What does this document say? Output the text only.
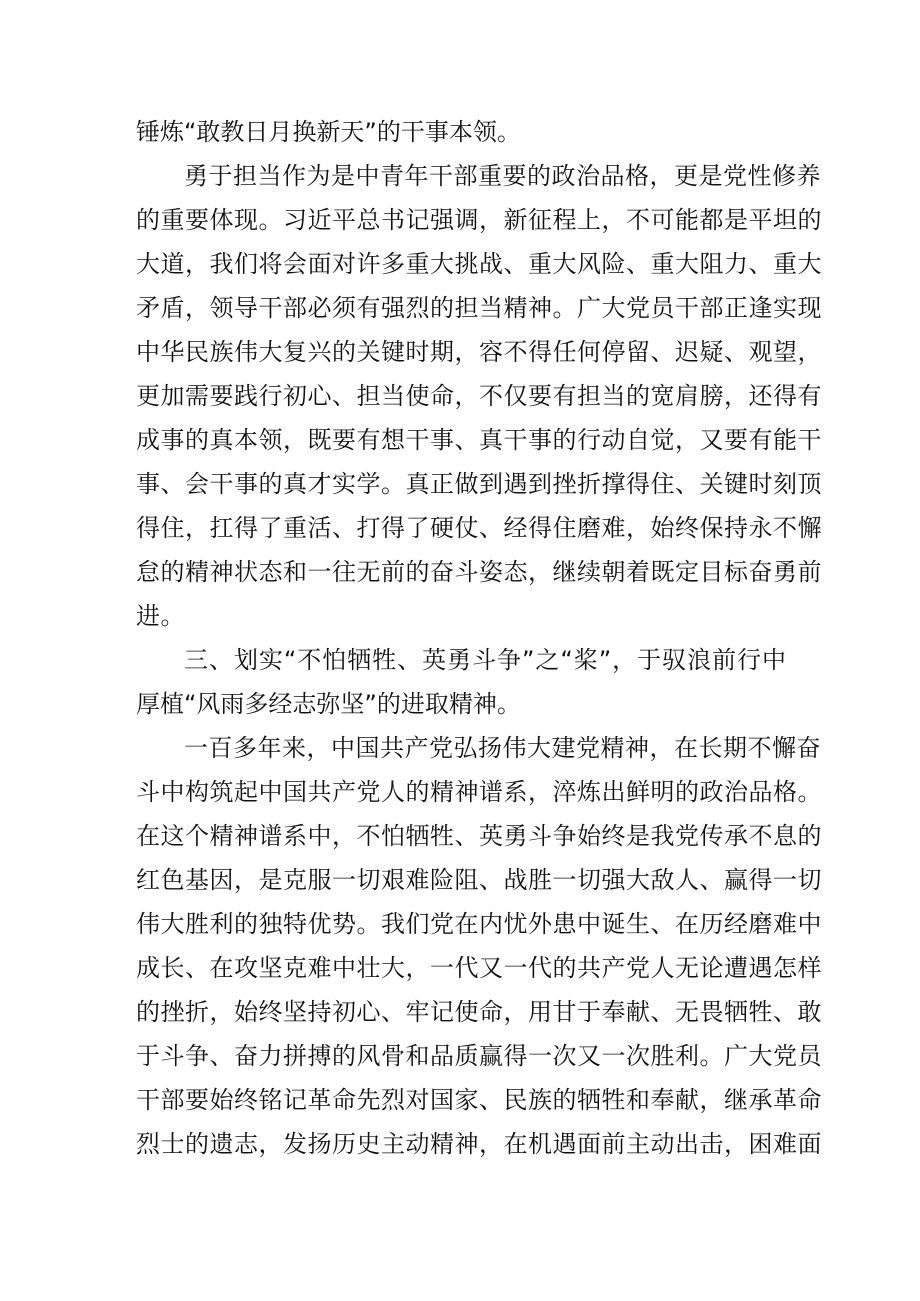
锤炼“敢教日月换新天”的干事本领。
勇于担当作为是中青年干部重要的政治品格，更是党性修养
的重要体现。习近平总书记强调，新征程上，不可能都是平坦的
大道，我们将会面对许多重大挑战、重大风险、重大阻力、重大
矛盾，领导干部必须有强烈的担当精神。广大党员干部正逢实现
中华民族伟大复兴的关键时期，容不得任何停留、迟疑、观望，
更加需要践行初心、担当使命，不仅要有担当的宽肩膀，还得有
成事的真本领，既要有想干事、真干事的行动自觉，又要有能干
事、会干事的真才实学。真正做到遇到挫折撑得住、关键时刻顶
得住，扛得了重活、打得了硬仗、经得住磨难，始终保持永不懈
怠的精神状态和一往无前的奋斗姿态，继续朝着既定目标奋勇前
进。
三、划实“不怕牺牲、英勇斗争”之“桨”，于驭浪前行中
厚植“风雨多经志弥坚”的进取精神。
一百多年来，中国共产党弘扬伟大建党精神，在长期不懈奋
斗中构筑起中国共产党人的精神谱系，淬炼出鲜明的政治品格。
在这个精神谱系中，不怕牺牲、英勇斗争始终是我党传承不息的
红色基因，是克服一切艰难险阻、战胜一切强大敌人、赢得一切
伟大胜利的独特优势。我们党在内忧外患中诞生、在历经磨难中
成长、在攻坚克难中壮大，一代又一代的共产党人无论遭遇怎样
的挫折，始终坚持初心、牢记使命，用甘于奉献、无畏牺牲、敢
于斗争、奋力拼搏的风骨和品质赢得一次又一次胜利。广大党员
干部要始终铭记革命先烈对国家、民族的牺牲和奉献，继承革命
烈士的遗志，发扬历史主动精神，在机遇面前主动出击，困难面
